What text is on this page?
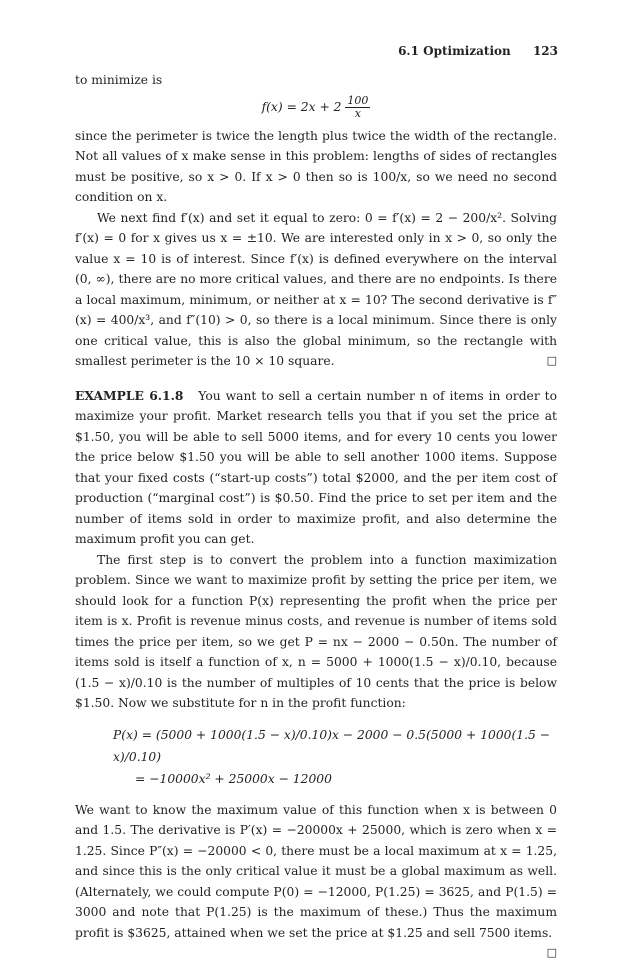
6.1 Optimization 123

to minimize is

$f(x) = 2x + 2 \frac{100}{x}$

since the perimeter is twice the length plus twice the width of the rectangle. Not all values of x make sense in this problem: lengths of sides of rectangles must be positive, so x > 0. If x > 0 then so is 100/x, so we need no second condition on x.

We next find f′(x) and set it equal to zero: 0 = f′(x) = 2 − 200/x². Solving f′(x) = 0 for x gives us x = ±10. We are interested only in x > 0, so only the value x = 10 is of interest. Since f′(x) is defined everywhere on the interval (0, ∞), there are no more critical values, and there are no endpoints. Is there a local maximum, minimum, or neither at x = 10? The second derivative is f″(x) = 400/x³, and f″(10) > 0, so there is a local minimum. Since there is only one critical value, this is also the global minimum, so the rectangle with smallest perimeter is the 10 × 10 square.	□

EXAMPLE 6.1.8 You want to sell a certain number n of items in order to maximize your profit. Market research tells you that if you set the price at $1.50, you will be able to sell 5000 items, and for every 10 cents you lower the price below $1.50 you will be able to sell another 1000 items. Suppose that your fixed costs (“start-up costs”) total $2000, and the per item cost of production (“marginal cost”) is $0.50. Find the price to set per item and the number of items sold in order to maximize profit, and also determine the maximum profit you can get.

The first step is to convert the problem into a function maximization problem. Since we want to maximize profit by setting the price per item, we should look for a function P(x) representing the profit when the price per item is x. Profit is revenue minus costs, and revenue is number of items sold times the price per item, so we get P = nx − 2000 − 0.50n. The number of items sold is itself a function of x, n = 5000 + 1000(1.5 − x)/0.10, because (1.5 − x)/0.10 is the number of multiples of 10 cents that the price is below $1.50. Now we substitute for n in the profit function:

P(x) = (5000 + 1000(1.5 − x)/0.10)x − 2000 − 0.5(5000 + 1000(1.5 − x)/0.10)
= −10000x² + 25000x − 12000

We want to know the maximum value of this function when x is between 0 and 1.5. The derivative is P′(x) = −20000x + 25000, which is zero when x = 1.25. Since P″(x) = −20000 < 0, there must be a local maximum at x = 1.25, and since this is the only critical value it must be a global maximum as well. (Alternately, we could compute P(0) = −12000, P(1.25) = 3625, and P(1.5) = 3000 and note that P(1.25) is the maximum of these.) Thus the maximum profit is $3625, attained when we set the price at $1.25 and sell 7500 items.
□
